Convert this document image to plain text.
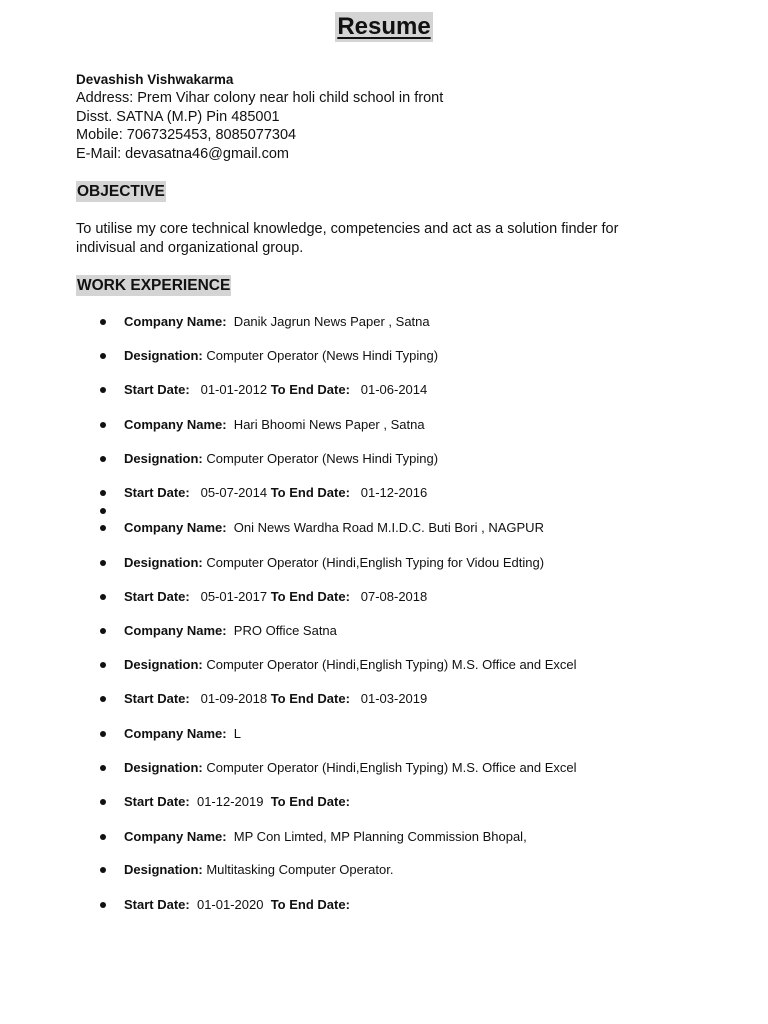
Resume
Devashish Vishwakarma
Address: Prem Vihar colony near holi child school in front
Disst. SATNA (M.P) Pin 485001
Mobile: 7067325453, 8085077304
E-Mail: devasatna46@gmail.com
OBJECTIVE
To utilise my core technical knowledge, competencies and act as a solution finder for indivisual and organizational group.
WORK EXPERIENCE
Company Name:  Danik Jagrun News Paper , Satna
Designation: Computer Operator (News Hindi Typing)
Start Date:   01-01-2012 To End Date:   01-06-2014
Company Name:  Hari Bhoomi News Paper , Satna
Designation: Computer Operator (News Hindi Typing)
Start Date:   05-07-2014 To End Date:   01-12-2016
Company Name:  Oni News Wardha Road M.I.D.C. Buti Bori , NAGPUR
Designation: Computer Operator (Hindi,English Typing for Vidou Edting)
Start Date:   05-01-2017 To End Date:   07-08-2018
Company Name:  PRO Office Satna
Designation: Computer Operator (Hindi,English Typing) M.S. Office and Excel
Start Date:   01-09-2018 To End Date:   01-03-2019
Company Name:  L
Designation: Computer Operator (Hindi,English Typing) M.S. Office and Excel
Start Date:  01-12-2019  To End Date:
Company Name:  MP Con Limted, MP Planning Commission Bhopal,
Designation: Multitasking Computer Operator.
Start Date:  01-01-2020  To End Date:
